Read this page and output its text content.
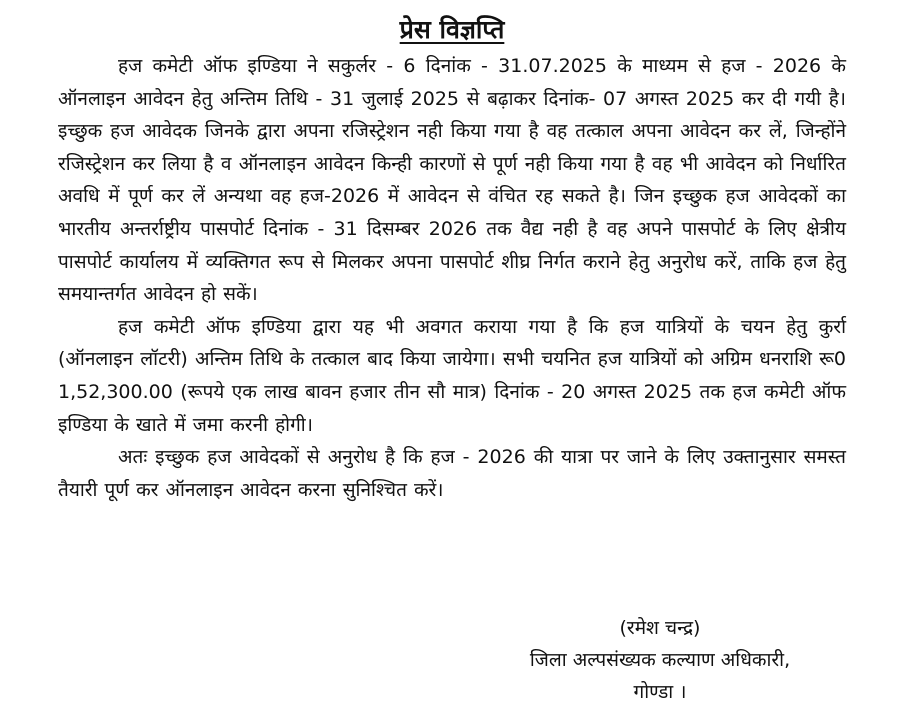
प्रेस विज्ञप्ति

हज कमेटी ऑफ इण्डिया ने सकुर्लर - 6 दिनांक - 31.07.2025 के माध्यम से हज - 2026 के ऑनलाइन आवेदन हेतु अन्तिम तिथि - 31 जुलाई 2025 से बढ़ाकर दिनांक- 07 अगस्त 2025 कर दी गयी है। इच्छुक हज आवेदक जिनके द्वारा अपना रजिस्ट्रेशन नही किया गया है वह तत्काल अपना आवेदन कर लें, जिन्होंने रजिस्ट्रेशन कर लिया है व ऑनलाइन आवेदन किन्ही कारणों से पूर्ण नही किया गया है वह भी आवेदन को निर्धारित अवधि में पूर्ण कर लें अन्यथा वह हज-2026 में आवेदन से वंचित रह सकते है। जिन इच्छुक हज आवेदकों का भारतीय अन्तर्राष्ट्रीय पासपोर्ट दिनांक - 31 दिसम्बर 2026 तक वैद्य नही है वह अपने पासपोर्ट के लिए क्षेत्रीय पासपोर्ट कार्यालय में व्यक्तिगत रूप से मिलकर अपना पासपोर्ट शीघ्र निर्गत कराने हेतु अनुरोध करें, ताकि हज हेतु समयान्तर्गत आवेदन हो सकें।

हज कमेटी ऑफ इण्डिया द्वारा यह भी अवगत कराया गया है कि हज यात्रियों के चयन हेतु कुर्रा (ऑनलाइन लॉटरी) अन्तिम तिथि के तत्काल बाद किया जायेगा। सभी चयनित हज यात्रियों को अग्रिम धनराशि रू0 1,52,300.00 (रूपये एक लाख बावन हजार तीन सौ मात्र) दिनांक - 20 अगस्त 2025 तक हज कमेटी ऑफ इण्डिया के खाते में जमा करनी होगी।

अतः इच्छुक हज आवेदकों से अनुरोध है कि हज - 2026 की यात्रा पर जाने के लिए उक्तानुसार समस्त तैयारी पूर्ण कर ऑनलाइन आवेदन करना सुनिश्चित करें।

(रमेश चन्द्र)
जिला अल्पसंख्यक कल्याण अधिकारी,
गोण्डा ।
